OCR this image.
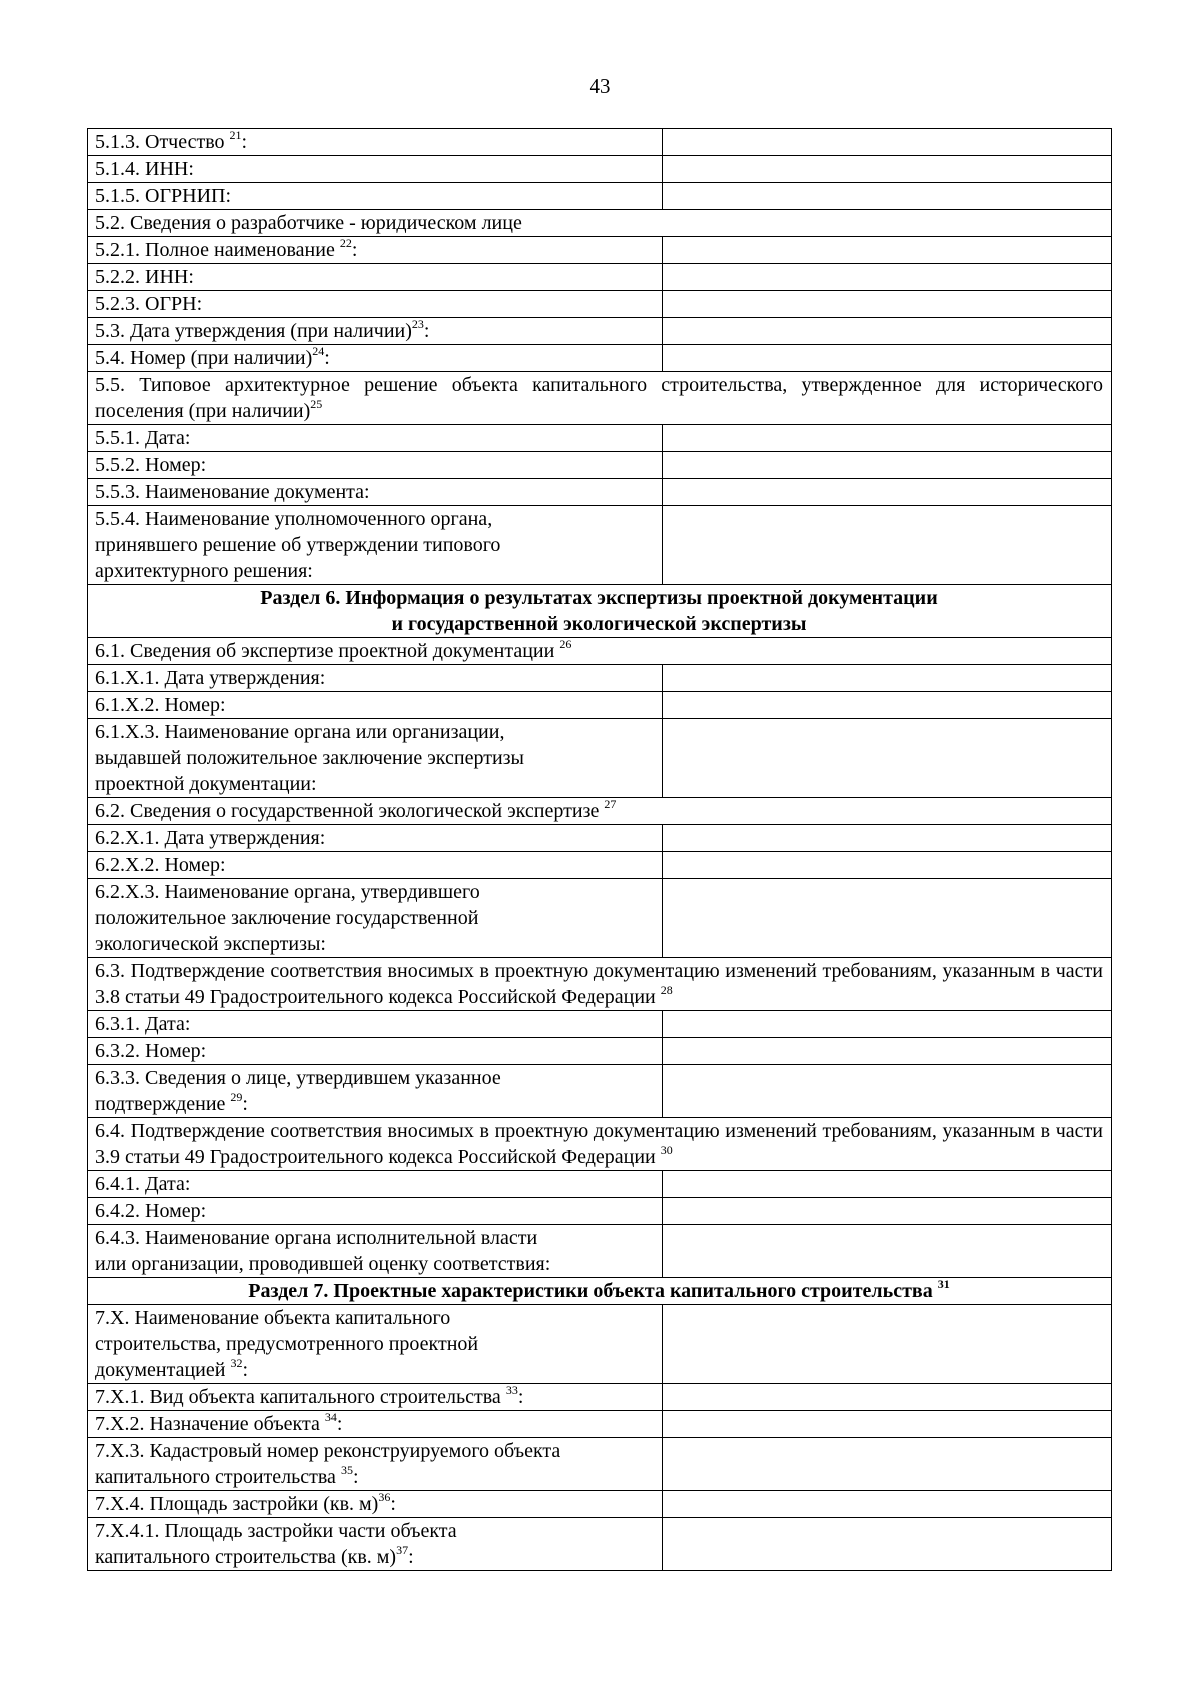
43
5.1.3. Отчество $^{21}$:	
5.1.4. ИНН:	
5.1.5. ОГРНИП:	
5.2. Сведения о разработчике - юридическом лице	
5.2.1. Полное наименование $^{22}$:	
5.2.2. ИНН:	
5.2.3. ОГРН:	
5.3. Дата утверждения (при наличии)$^{23}$:	
5.4. Номер (при наличии)$^{24}$:	
5.5. Типовое архитектурное решение объекта капитального строительства, утвержденное для исторического поселения (при наличии)$^{25}$
5.5.1. Дата:	
5.5.2. Номер:	
5.5.3. Наименование документа:	

5.5.4. Наименование уполномоченного органа,
принявшего решение об утверждении типового
архитектурного решения:	

Раздел 6. Информация о результатах экспертизы проектной документации
и государственной экологической экспертизы	

6.1. Сведения об экспертизе проектной документации $^{26}$
6.1.Х.1. Дата утверждения:	
6.1.Х.2. Номер:	

6.1.Х.3. Наименование органа или организации,
выдавшей положительное заключение экспертизы
проектной документации:	

6.2. Сведения о государственной экологической экспертизе $^{27}$
6.2.Х.1. Дата утверждения:	
6.2.Х.2. Номер:	

6.2.Х.3. Наименование органа, утвердившего
положительное заключение государственной
экологической экспертизы:	

6.3. Подтверждение соответствия вносимых в проектную документацию изменений требованиям, указанным в части 3.8 статьи 49 Градостроительного кодекса Российской Федерации $^{28}$
6.3.1. Дата:	
6.3.2. Номер:	

6.3.3. Сведения о лице, утвердившем указанное
подтверждение $^{29}$:	

6.4. Подтверждение соответствия вносимых в проектную документацию изменений требованиям, указанным в части 3.9 статьи 49 Градостроительного кодекса Российской Федерации $^{30}$
6.4.1. Дата:	
6.4.2. Номер:	

6.4.3. Наименование органа исполнительной власти
или организации, проводившей оценку соответствия:	

Раздел 7. Проектные характеристики объекта капитального строительства $^{31}$

7.Х. Наименование объекта капитального
строительства, предусмотренного проектной
документацией $^{32}$:	

7.Х.1. Вид объекта капитального строительства $^{33}$:	
7.Х.2. Назначение объекта $^{34}$:	

7.Х.3. Кадастровый номер реконструируемого объекта
капитального строительства $^{35}$:	

7.Х.4. Площадь застройки (кв. м)$^{36}$:	

7.Х.4.1. Площадь застройки части объекта
капитального строительства (кв. м)$^{37}$:	
